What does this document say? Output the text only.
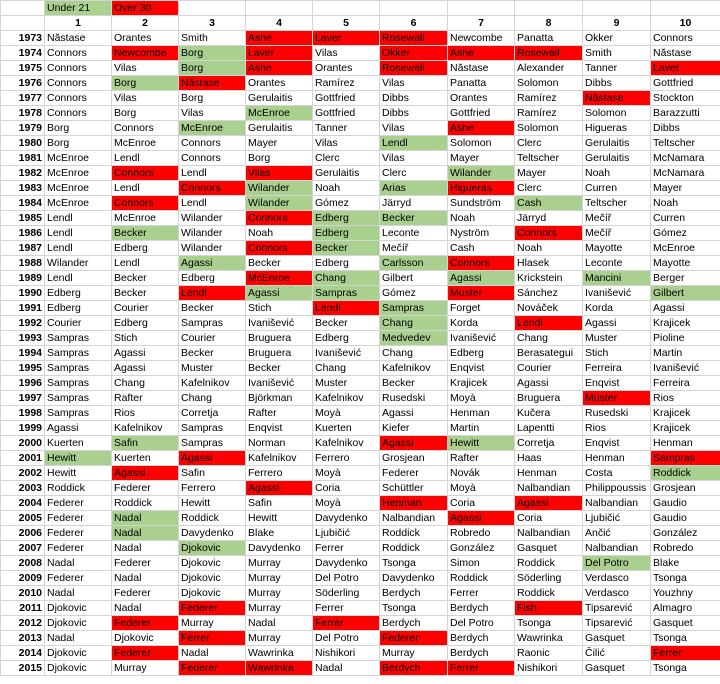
	Under 21	Over 30								
	1	2	3	4	5	6	7	8	9	10
1973	Năstase	Orantes	Smith	Ashe	Laver	Rosewall	Newcombe	Panatta	Okker	Connors
1974	Connors	Newcombe	Borg	Laver	Vilas	Okker	Ashe	Rosewall	Smith	Năstase
1975	Connors	Vilas	Borg	Ashe	Orantes	Rosewall	Năstase	Alexander	Tanner	Laver
1976	Connors	Borg	Năstase	Orantes	Ramírez	Vilas	Panatta	Solomon	Dibbs	Gottfried
1977	Connors	Vilas	Borg	Gerulaitis	Gottfried	Dibbs	Orantes	Ramírez	Năstase	Stockton
1978	Connors	Borg	Vilas	McEnroe	Gottfried	Dibbs	Gottfried	Ramírez	Solomon	Barazzutti
1979	Borg	Connors	McEnroe	Gerulaitis	Tanner	Vilas	Ashe	Solomon	Higueras	Dibbs
1980	Borg	McEnroe	Connors	Mayer	Vilas	Lendl	Solomon	Clerc	Gerulaitis	Teltscher
1981	McEnroe	Lendl	Connors	Borg	Clerc	Vilas	Mayer	Teltscher	Gerulaitis	McNamara
1982	McEnroe	Connors	Lendl	Vilas	Gerulaitis	Clerc	Wilander	Mayer	Noah	McNamara
1983	McEnroe	Lendl	Connors	Wilander	Noah	Arias	Higueras	Clerc	Curren	Mayer
1984	McEnroe	Connors	Lendl	Wilander	Gómez	Järryd	Sundström	Cash	Teltscher	Noah
1985	Lendl	McEnroe	Wilander	Connors	Edberg	Becker	Noah	Järryd	Mečíř	Curren
1986	Lendl	Becker	Wilander	Noah	Edberg	Leconte	Nyström	Connors	Mečíř	Gómez
1987	Lendl	Edberg	Wilander	Connors	Becker	Mečíř	Cash	Noah	Mayotte	McEnroe
1988	Wilander	Lendl	Agassi	Becker	Edberg	Carlsson	Connors	Hlasek	Leconte	Mayotte
1989	Lendl	Becker	Edberg	McEnroe	Chang	Gilbert	Agassi	Krickstein	Mancini	Berger
1990	Edberg	Becker	Lendl	Agassi	Sampras	Gómez	Muster	Sánchez	Ivanišević	Gilbert
1991	Edberg	Courier	Becker	Stich	Lendl	Sampras	Forget	Nováček	Korda	Agassi
1992	Courier	Edberg	Sampras	Ivanišević	Becker	Chang	Korda	Lendl	Agassi	Krajicek
1993	Sampras	Stich	Courier	Bruguera	Edberg	Medvedev	Ivanišević	Chang	Muster	Pioline
1994	Sampras	Agassi	Becker	Bruguera	Ivanišević	Chang	Edberg	Berasategui	Stich	Martin
1995	Sampras	Agassi	Muster	Becker	Chang	Kafelnikov	Enqvist	Courier	Ferreira	Ivanišević
1996	Sampras	Chang	Kafelnikov	Ivanišević	Muster	Becker	Krajicek	Agassi	Enqvist	Ferreira
1997	Sampras	Rafter	Chang	Björkman	Kafelnikov	Rusedski	Moyà	Bruguera	Muster	Rios
1998	Sampras	Rios	Corretja	Rafter	Moyà	Agassi	Henman	Kučera	Rusedski	Krajicek
1999	Agassi	Kafelnikov	Sampras	Enqvist	Kuerten	Kiefer	Martin	Lapentti	Rios	Krajicek
2000	Kuerten	Safin	Sampras	Norman	Kafelnikov	Agassi	Hewitt	Corretja	Enqvist	Henman
2001	Hewitt	Kuerten	Agassi	Kafelnikov	Ferrero	Grosjean	Rafter	Haas	Henman	Sampras
2002	Hewitt	Agassi	Safin	Ferrero	Moyà	Federer	Novák	Henman	Costa	Roddick
2003	Roddick	Federer	Ferrero	Agassi	Coria	Schüttler	Moyà	Nalbandian	Philippoussis	Grosjean
2004	Federer	Roddick	Hewitt	Safin	Moyà	Henman	Coria	Agassi	Nalbandian	Gaudio
2005	Federer	Nadal	Roddick	Hewitt	Davydenko	Nalbandian	Agassi	Coria	Ljubičić	Gaudio
2006	Federer	Nadal	Davydenko	Blake	Ljubičić	Roddick	Robredo	Nalbandian	Ančić	González
2007	Federer	Nadal	Djokovic	Davydenko	Ferrer	Roddick	González	Gasquet	Nalbandian	Robredo
2008	Nadal	Federer	Djokovic	Murray	Davydenko	Tsonga	Simon	Roddick	Del Potro	Blake
2009	Federer	Nadal	Djokovic	Murray	Del Potro	Davydenko	Roddick	Söderling	Verdasco	Tsonga
2010	Nadal	Federer	Djokovic	Murray	Söderling	Berdych	Ferrer	Roddick	Verdasco	Youzhny
2011	Djokovic	Nadal	Federer	Murray	Ferrer	Tsonga	Berdych	Fish	Tipsarević	Almagro
2012	Djokovic	Federer	Murray	Nadal	Ferrer	Berdych	Del Potro	Tsonga	Tipsarević	Gasquet
2013	Nadal	Djokovic	Ferrer	Murray	Del Potro	Federer	Berdych	Wawrinka	Gasquet	Tsonga
2014	Djokovic	Federer	Nadal	Wawrinka	Nishikori	Murray	Berdych	Raonic	Čilić	Ferrer
2015	Djokovic	Murray	Federer	Wawrinka	Nadal	Berdych	Ferrer	Nishikori	Gasquet	Tsonga
